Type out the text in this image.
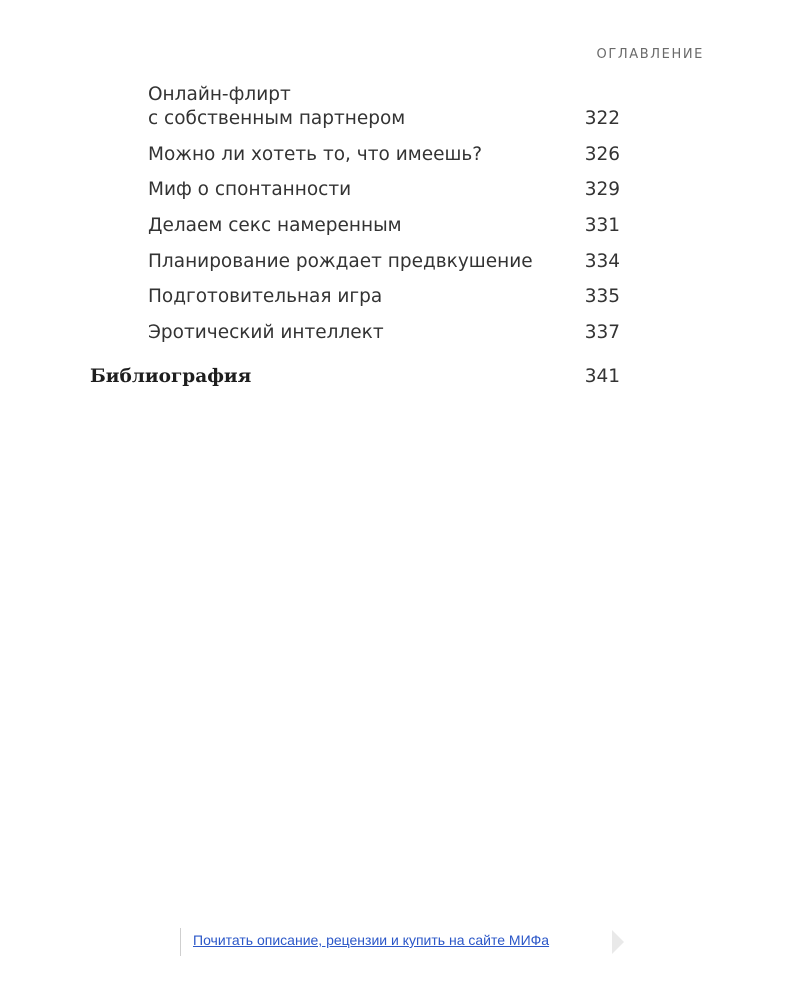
ОГЛАВЛЕНИЕ
Онлайн-флирт
с собственным партнером	322
Можно ли хотеть то, что имеешь?	326
Миф о спонтанности	329
Делаем секс намеренным	331
Планирование рождает предвкушение	334
Подготовительная игра	335
Эротический интеллект	337
Библиография	341
Почитать описание, рецензии и купить на сайте МИФа
